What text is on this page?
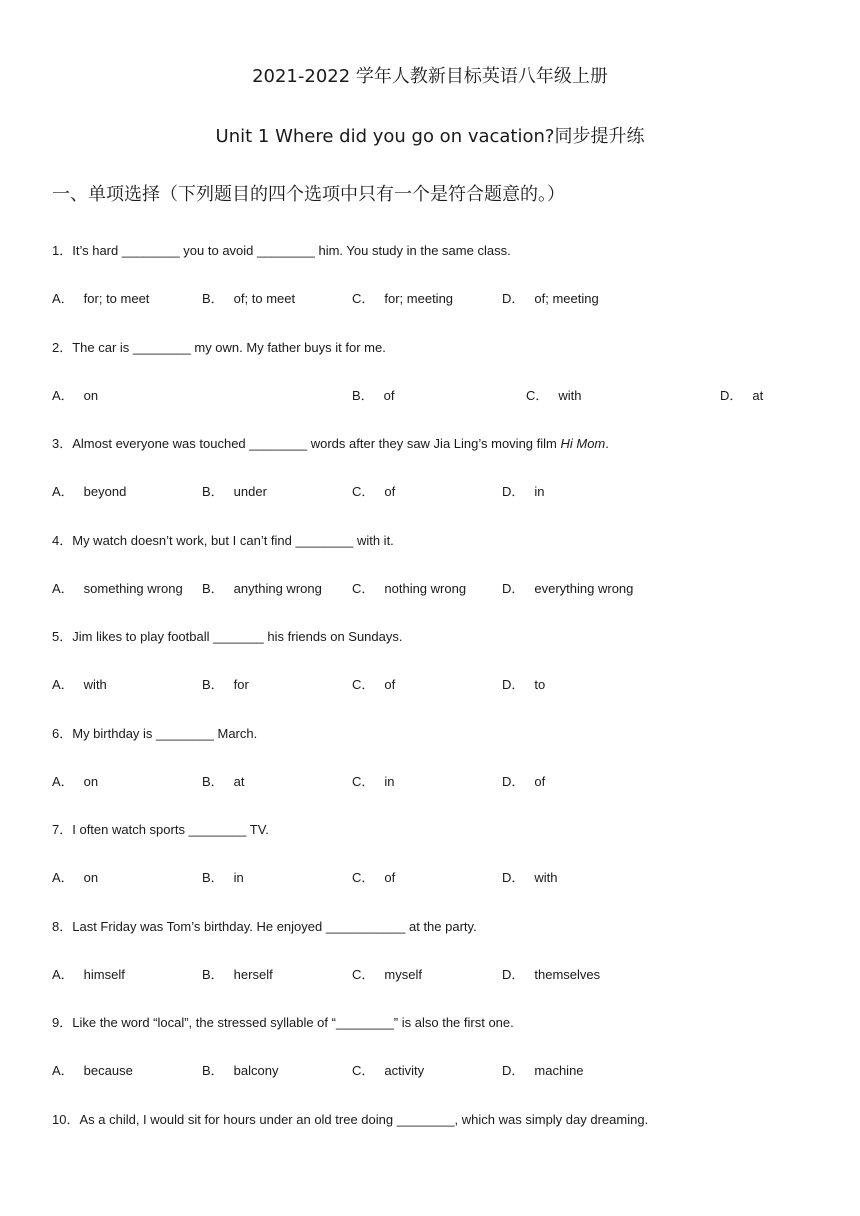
2021-2022 学年人教新目标英语八年级上册
Unit 1 Where did you go on vacation?同步提升练
一、单项选择（下列题目的四个选项中只有一个是符合题意的。）
1．It’s hard ________ you to avoid ________ him. You study in the same class.
A． for; to meet	B． of; to meet	C． for; meeting	D． of; meeting
2．The car is ________ my own. My father buys it for me.
A． on	B． of	C． with	D． at
3．Almost everyone was touched ________ words after they saw Jia Ling’s moving film Hi Mom.
A． beyond	B． under	C． of	D． in
4．My watch doesn’t work, but I can’t find ________ with it.
A． something wrong B． anything wrong C． nothing wrong	D． everything wrong
5．Jim likes to play football _______ his friends on Sundays.
A． with	B． for	C． of	D． to
6．My birthday is ________ March.
A． on	B． at	C． in	D． of
7．I often watch sports ________ TV.
A． on	B． in	C． of	D． with
8．Last Friday was Tom’s birthday. He enjoyed ___________ at the party.
A． himself	B． herself	C． myself	D． themselves
9．Like the word “local”, the stressed syllable of “________” is also the first one.
A． because	B． balcony	C． activity	D． machine
10．As a child, I would sit for hours under an old tree doing ________, which was simply day dreaming.
